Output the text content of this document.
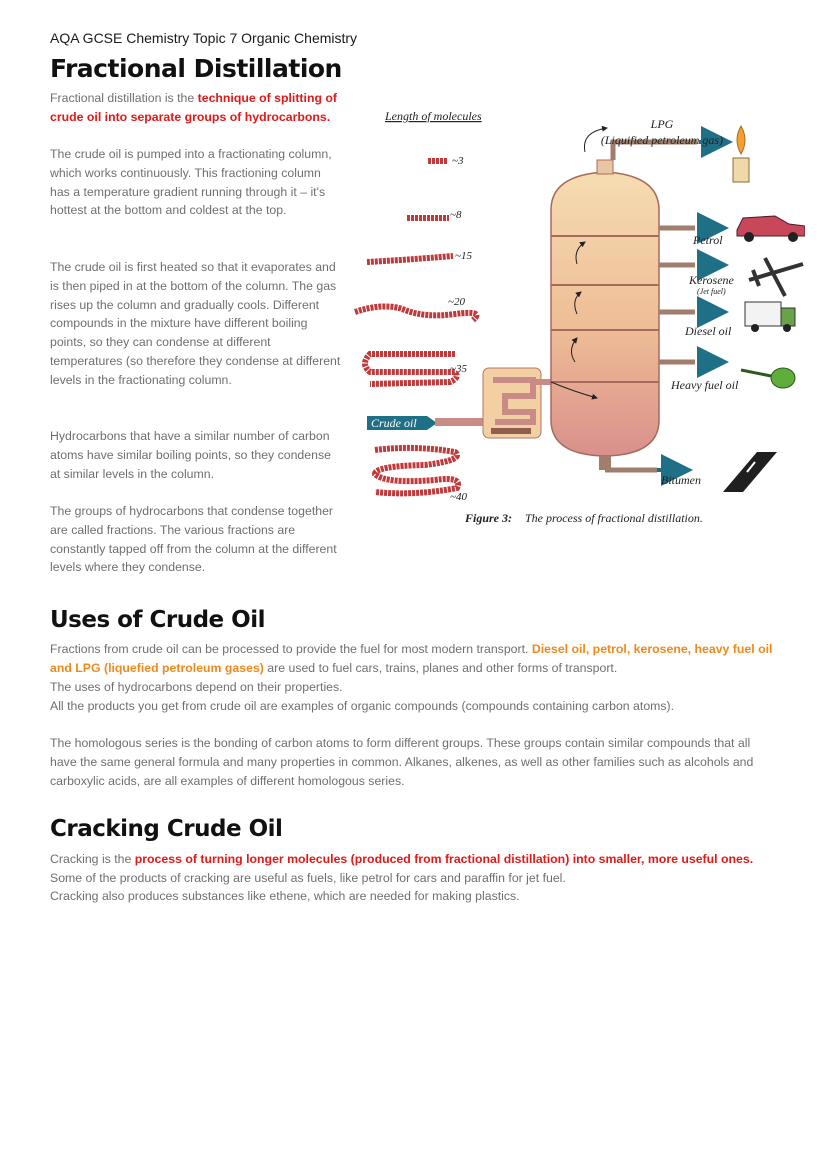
AQA GCSE Chemistry Topic 7 Organic Chemistry
Fractional Distillation

Fractional distillation is the technique of splitting of crude oil into separate groups of hydrocarbons.

The crude oil is pumped into a fractionating column, which works continuously. This fractioning column has a temperature gradient running through it – it's hottest at the bottom and coldest at the top.

The crude oil is first heated so that it evaporates and is then piped in at the bottom of the column. The gas rises up the column and gradually cools. Different compounds in the mixture have different boiling points, so they can condense at different temperatures (so therefore they condense at different levels in the fractionating column.

Hydrocarbons that have a similar number of carbon atoms have similar boiling points, so they condense at similar levels in the column.

The groups of hydrocarbons that condense together are called fractions. The various fractions are constantly tapped off from the column at the different levels where they condense.

Length of molecules
~3
~8
~15
~20
~35
~40
Crude oil
LPG
(Liquified petroleum gas)
Petrol
Kerosene
(Jet fuel)
Diesel oil
Heavy fuel oil
Bitumen
Figure 3: The process of fractional distillation.
Uses of Crude Oil

Fractions from crude oil can be processed to provide the fuel for most modern transport. Diesel oil, petrol, kerosene, heavy fuel oil and LPG (liquefied petroleum gases) are used to fuel cars, trains, planes and other forms of transport.

The uses of hydrocarbons depend on their properties.

All the products you get from crude oil are examples of organic compounds (compounds containing carbon atoms).

The homologous series is the bonding of carbon atoms to form different groups. These groups contain similar compounds that all have the same general formula and many properties in common. Alkanes, alkenes, as well as other families such as alcohols and carboxylic acids, are all examples of different homologous series.

Cracking Crude Oil

Cracking is the process of turning longer molecules (produced from fractional distillation) into smaller, more useful ones. Some of the products of cracking are useful as fuels, like petrol for cars and paraffin for jet fuel.

Cracking also produces substances like ethene, which are needed for making plastics.
